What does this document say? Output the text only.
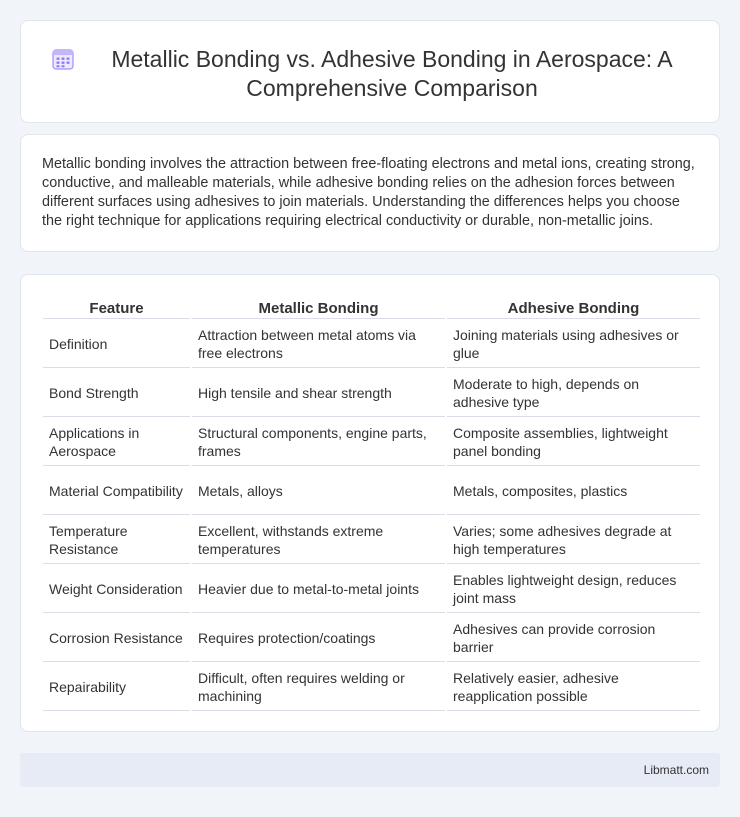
Metallic Bonding vs. Adhesive Bonding in Aerospace: A Comprehensive Comparison

Metallic bonding involves the attraction between free-floating electrons and metal ions, creating strong, conductive, and malleable materials, while adhesive bonding relies on the adhesion forces between different surfaces using adhesives to join materials. Understanding the differences helps you choose the right technique for applications requiring electrical conductivity or durable, non-metallic joins.

Feature	Metallic Bonding	Adhesive Bonding
Definition	Attraction between metal atoms via free electrons	Joining materials using adhesives or glue
Bond Strength	High tensile and shear strength	Moderate to high, depends on adhesive type
Applications in Aerospace	Structural components, engine parts, frames	Composite assemblies, lightweight panel bonding
Material Compatibility	Metals, alloys	Metals, composites, plastics
Temperature Resistance	Excellent, withstands extreme temperatures	Varies; some adhesives degrade at high temperatures
Weight Consideration	Heavier due to metal-to-metal joints	Enables lightweight design, reduces joint mass
Corrosion Resistance	Requires protection/coatings	Adhesives can provide corrosion barrier
Repairability	Difficult, often requires welding or machining	Relatively easier, adhesive reapplication possible
Libmatt.com
